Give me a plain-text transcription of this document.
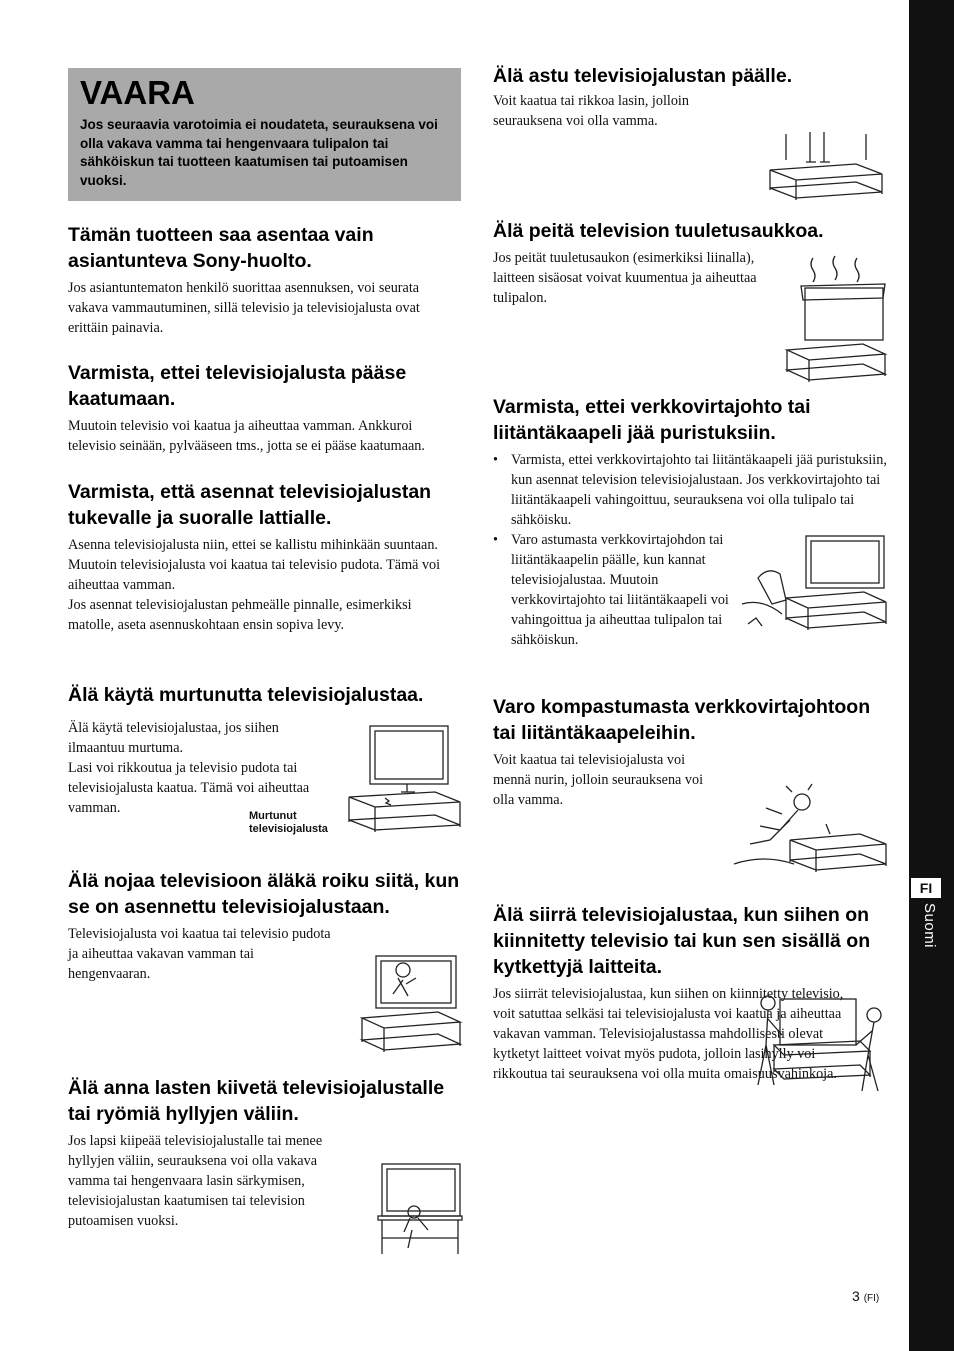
FI
Suomi
VAARA

Jos seuraavia varotoimia ei noudateta, seurauksena voi olla vakava vamma tai hengenvaara tulipalon tai sähköiskun tai tuotteen kaatumisen tai putoamisen vuoksi.

Tämän tuotteen saa asentaa vain asiantunteva Sony-huolto.

Jos asiantuntematon henkilö suorittaa asennuksen, voi seurata vakava vammautuminen, sillä televisio ja televisiojalusta ovat erittäin painavia.

Varmista, ettei televisiojalusta pääse kaatumaan.

Muutoin televisio voi kaatua ja aiheuttaa vamman. Ankkuroi televisio seinään, pylvääseen tms., jotta se ei pääse kaatumaan.

Varmista, että asennat televisiojalustan tukevalle ja suoralle lattialle.

Asenna televisiojalusta niin, ettei se kallistu mihinkään suuntaan. Muutoin televisiojalusta voi kaatua tai televisio pudota. Tämä voi aiheuttaa vamman.

Jos asennat televisiojalustan pehmeälle pinnalle, esimerkiksi matolle, aseta asennuskohtaan ensin sopiva levy.

Älä käytä murtunutta televisiojalustaa.

Älä käytä televisiojalustaa, jos siihen ilmaantuu murtuma.

Lasi voi rikkoutua ja televisio pudota tai televisiojalusta kaatua. Tämä voi aiheuttaa vamman.	Murtunut
televisiojalusta
Älä nojaa televisioon äläkä roiku siitä, kun se on asennettu televisiojalustaan.

Televisiojalusta voi kaatua tai televisio pudota ja aiheuttaa vakavan vamman tai hengenvaaran.

Älä anna lasten kiivetä televisiojalustalle tai ryömiä hyllyjen väliin.

Jos lapsi kiipeää televisiojalustalle tai menee hyllyjen väliin, seurauksena voi olla vakava vamma tai hengenvaara lasin särkymisen, televisiojalustan kaatumisen tai television putoamisen vuoksi.

Älä astu televisiojalustan päälle.

Voit kaatua tai rikkoa lasin, jolloin seurauksena voi olla vamma.

Älä peitä television tuuletusaukkoa.

Jos peität tuuletusaukon (esimerkiksi liinalla), laitteen sisäosat voivat kuumentua ja aiheuttaa tulipalon.

Varmista, ettei verkkovirtajohto tai liitäntäkaapeli jää puristuksiin.
• Varmista, ettei verkkovirtajohto tai liitäntäkaapeli jää puristuksiin, kun asennat television televisiojalustaan. Jos verkkovirtajohto tai liitäntäkaapeli vahingoittuu, seurauksena voi olla tulipalo tai sähköisku.
• Varo astumasta verkkovirtajohdon tai liitäntäkaapelin päälle, kun kannat televisiojalustaa. Muutoin verkkovirtajohto tai liitäntäkaapeli voi vahingoittua ja aiheuttaa tulipalon tai sähköiskun.
Varo kompastumasta verkkovirtajohtoon tai liitäntäkaapeleihin.

Voit kaatua tai televisiojalusta voi mennä nurin, jolloin seurauksena voi olla vamma.

Älä siirrä televisiojalustaa, kun siihen on kiinnitetty televisio tai kun sen sisällä on kytkettyjä laitteita.

Jos siirrät televisiojalustaa, kun siihen on kiinnitetty televisio, voit satuttaa selkäsi tai televisiojalusta voi kaatua ja aiheuttaa vakavan vamman. Televisiojalustassa mahdollisesti olevat kytketyt laitteet voivat myös pudota, jolloin lasihylly voi rikkoutua tai seurauksena voi olla muita omaisuusvahinkoja.

3 (FI)
